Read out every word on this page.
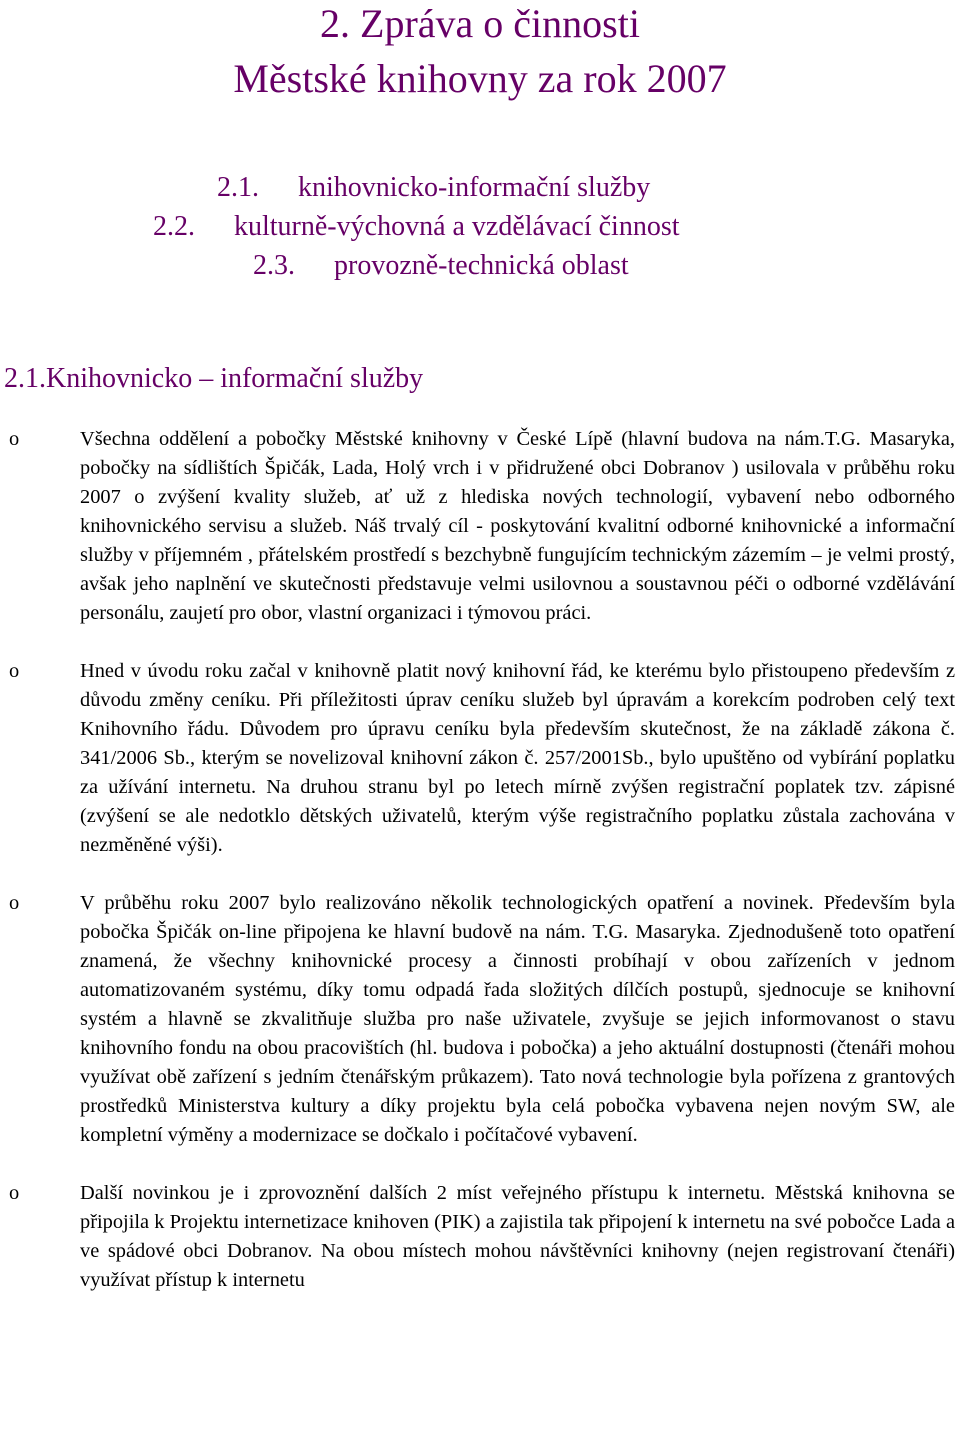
2. Zpráva o činnosti
Městské knihovny za rok 2007
2.1. knihovnicko-informační služby
2.2. kulturně-výchovná a vzdělávací činnost
2.3. provozně-technická oblast
2.1.Knihovnicko – informační služby
o	Všechna oddělení a pobočky Městské knihovny v České Lípě (hlavní budova na nám.T.G. Masaryka, pobočky na sídlištích Špičák, Lada, Holý vrch i v přidružené obci Dobranov ) usilovala v průběhu roku 2007 o zvýšení kvality služeb, ať už z hlediska nových technologií, vybavení nebo odborného knihovnického servisu a služeb. Náš trvalý cíl - poskytování kvalitní odborné knihovnické a informační služby v příjemném , přátelském prostředí s bezchybně fungujícím technickým zázemím – je velmi prostý, avšak jeho naplnění ve skutečnosti představuje velmi usilovnou a soustavnou péči o odborné vzdělávání personálu, zaujetí pro obor, vlastní organizaci i týmovou práci.
o	Hned v úvodu roku začal v knihovně platit nový knihovní řád, ke kterému bylo přistoupeno především z důvodu změny ceníku. Při příležitosti úprav ceníku služeb byl úpravám a korekcím podroben celý text Knihovního řádu. Důvodem pro úpravu ceníku byla především skutečnost, že na základě zákona č. 341/2006 Sb., kterým se novelizoval knihovní zákon č. 257/2001Sb., bylo upuštěno od vybírání poplatku za užívání internetu. Na druhou stranu byl po letech mírně zvýšen registrační poplatek tzv. zápisné (zvýšení se ale nedotklo dětských uživatelů, kterým výše registračního poplatku zůstala zachována v nezměněné výši).
o	V průběhu roku 2007 bylo realizováno několik technologických opatření a novinek. Především byla pobočka Špičák on-line připojena ke hlavní budově na nám. T.G. Masaryka. Zjednodušeně toto opatření znamená, že všechny knihovnické procesy a činnosti probíhají v obou zařízeních v jednom automatizovaném systému, díky tomu odpadá řada složitých dílčích postupů, sjednocuje se knihovní systém a hlavně se zkvalitňuje služba pro naše uživatele, zvyšuje se jejich informovanost o stavu knihovního fondu na obou pracovištích (hl. budova i pobočka) a jeho aktuální dostupnosti (čtenáři mohou využívat obě zařízení s jedním čtenářským průkazem). Tato nová technologie byla pořízena z grantových prostředků Ministerstva kultury a díky projektu byla celá pobočka vybavena nejen novým SW, ale kompletní výměny a modernizace se dočkalo i počítačové vybavení.
o	Další novinkou je i zprovoznění dalších 2 míst veřejného přístupu k internetu. Městská knihovna se připojila k Projektu internetizace knihoven (PIK) a zajistila tak připojení k internetu na své pobočce Lada a ve spádové obci Dobranov. Na obou místech mohou návštěvníci knihovny (nejen registrovaní čtenáři) využívat přístup k internetu
